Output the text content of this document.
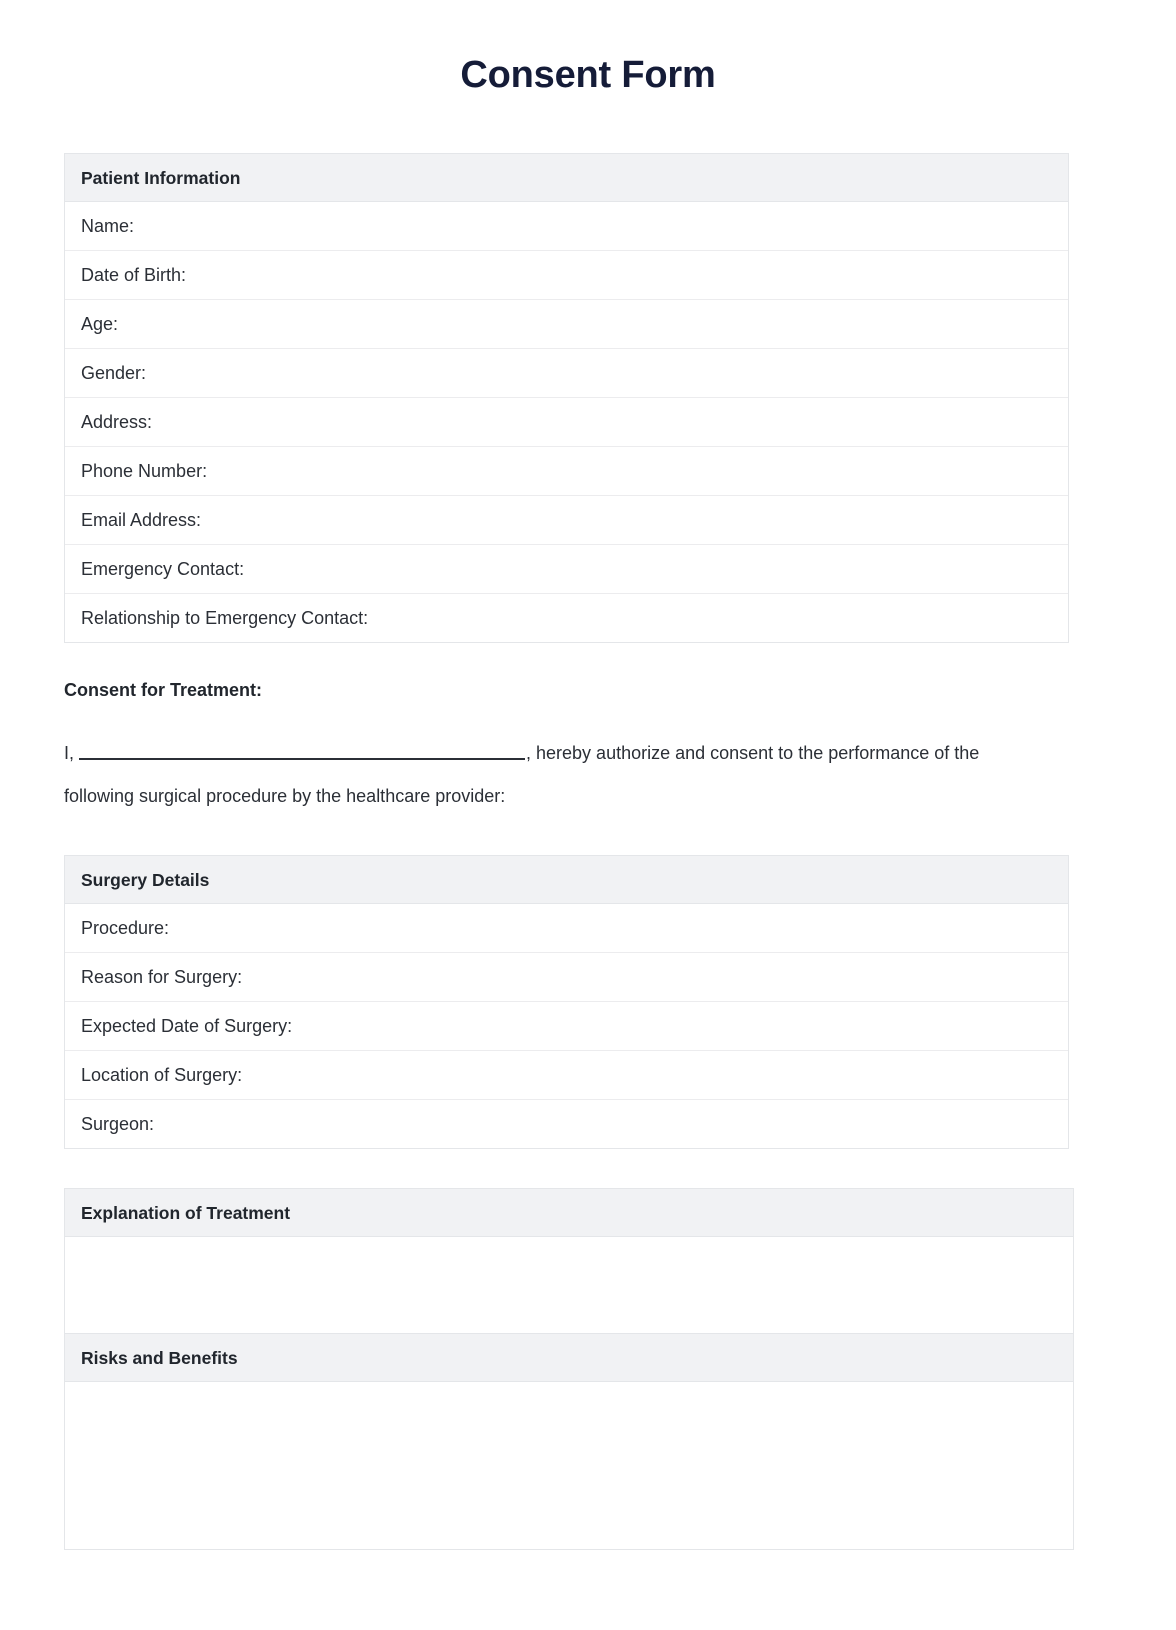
Consent Form
Patient Information
Name:
Date of Birth:
Age:
Gender:
Address:
Phone Number:
Email Address:
Emergency Contact:
Relationship to Emergency Contact:
Consent for Treatment:
I,	, hereby authorize and consent to the performance of the following surgical procedure by the healthcare provider:
Surgery Details
Procedure:
Reason for Surgery:
Expected Date of Surgery:
Location of Surgery:
Surgeon:
Explanation of Treatment
Risks and Benefits
